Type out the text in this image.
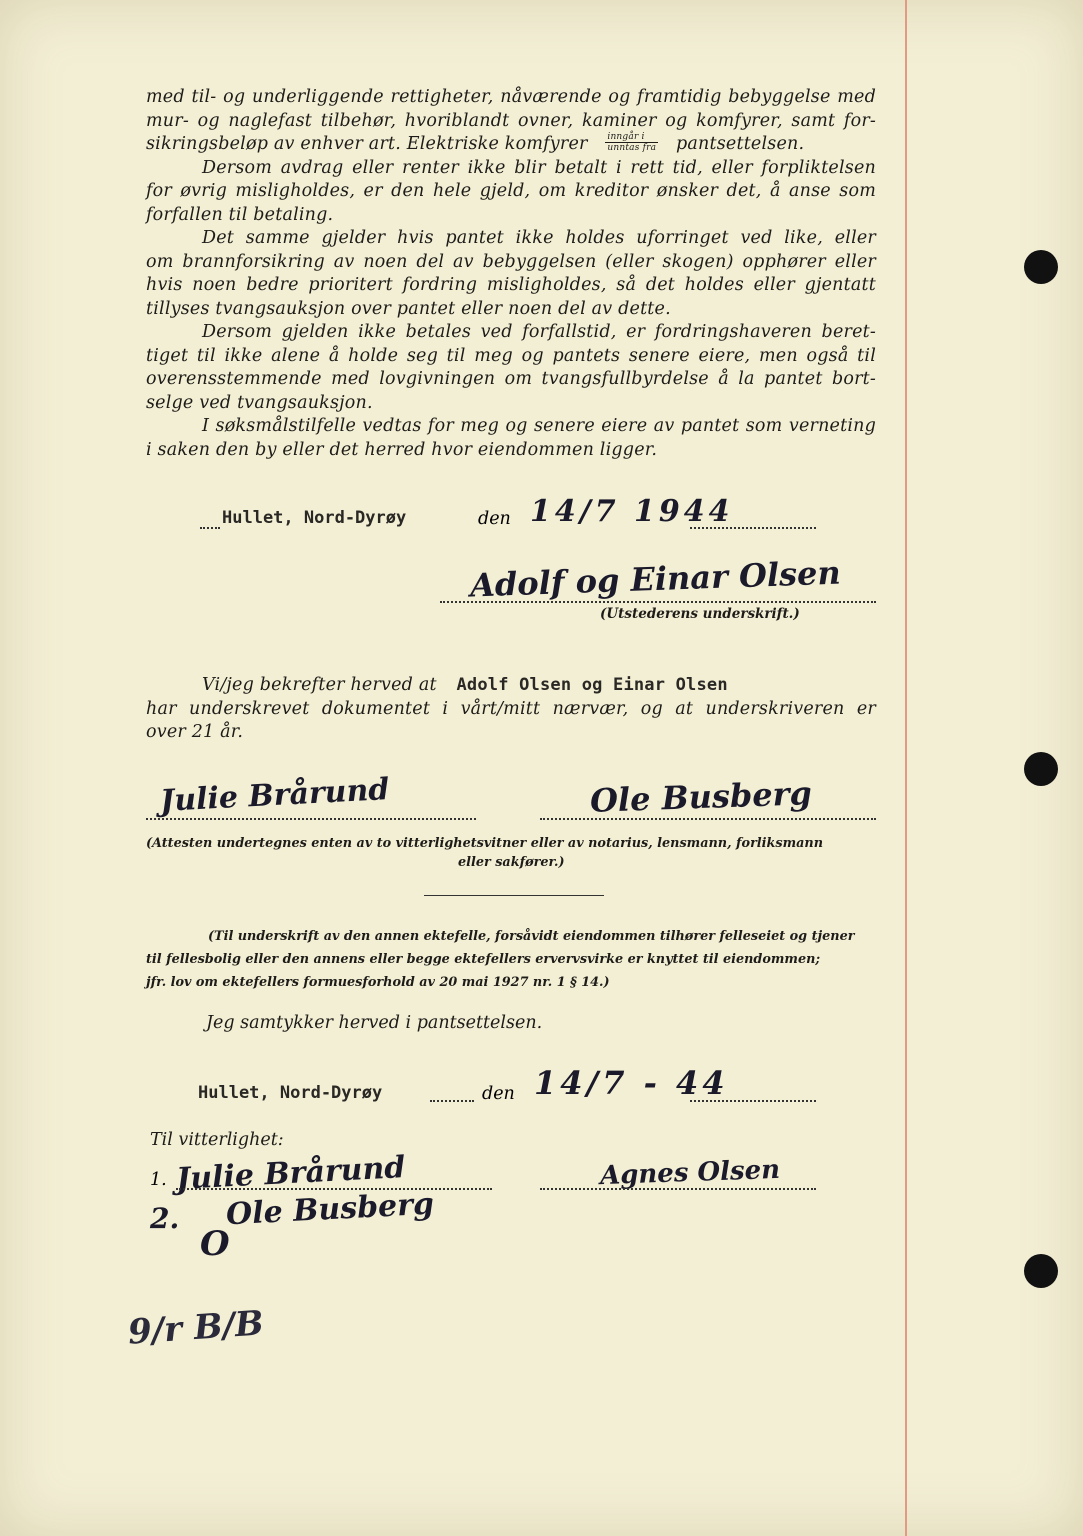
med til- og underliggende rettigheter, nåværende og framtidig bebyggelse med
mur- og naglefast tilbehør, hvoriblandt ovner, kaminer og komfyrer, samt for-
sikringsbeløp av enhver art. Elektriske komfyrer $\frac{\text{inngår i}}{\text{unntas fra}}$ pantsettelsen.
Dersom avdrag eller renter ikke blir betalt i rett tid, eller forpliktelsen
for øvrig misligholdes, er den hele gjeld, om kreditor ønsker det, å anse som
forfallen til betaling.
Det samme gjelder hvis pantet ikke holdes uforringet ved like, eller
om brannforsikring av noen del av bebyggelsen (eller skogen) opphører eller
hvis noen bedre prioritert fordring misligholdes, så det holdes eller gjentatt
tillyses tvangsauksjon over pantet eller noen del av dette.
Dersom gjelden ikke betales ved forfallstid, er fordringshaveren beret-
tiget til ikke alene å holde seg til meg og pantets senere eiere, men også til
overensstemmende med lovgivningen om tvangsfullbyrdelse å la pantet bort-
selge ved tvangsauksjon.
I søksmålstilfelle vedtas for meg og senere eiere av pantet som verneting
i saken den by eller det herred hvor eiendommen ligger.
Hullet, Nord-Dyrøy	den 14/7 1944
Adolf og Einar Olsen
(Utstederens underskrift.)
Vi/jeg bekrefter herved at Adolf Olsen og Einar Olsen
har underskrevet dokumentet i vårt/mitt nærvær, og at underskriveren er
over 21 år.
Julie Brårund	Ole Busberg
(Attesten undertegnes enten av to vitterlighetsvitner eller av notarius, lensmann, forliksmann
eller sakfører.)
(Til underskrift av den annen ektefelle, forsåvidt eiendommen tilhører felleseiet og tjener
til fellesbolig eller den annens eller begge ektefellers ervervsvirke er knyttet til eiendommen;
jfr. lov om ektefellers formuesforhold av 20 mai 1927 nr. 1 § 14.)
Jeg samtykker herved i pantsettelsen.
Hullet, Nord-Dyrøy	den 14/7 - 44
Til vitterlighet:
1. Julie Brårund	Agnes Olsen
2. Ole Busberg
O
9/r B/B
